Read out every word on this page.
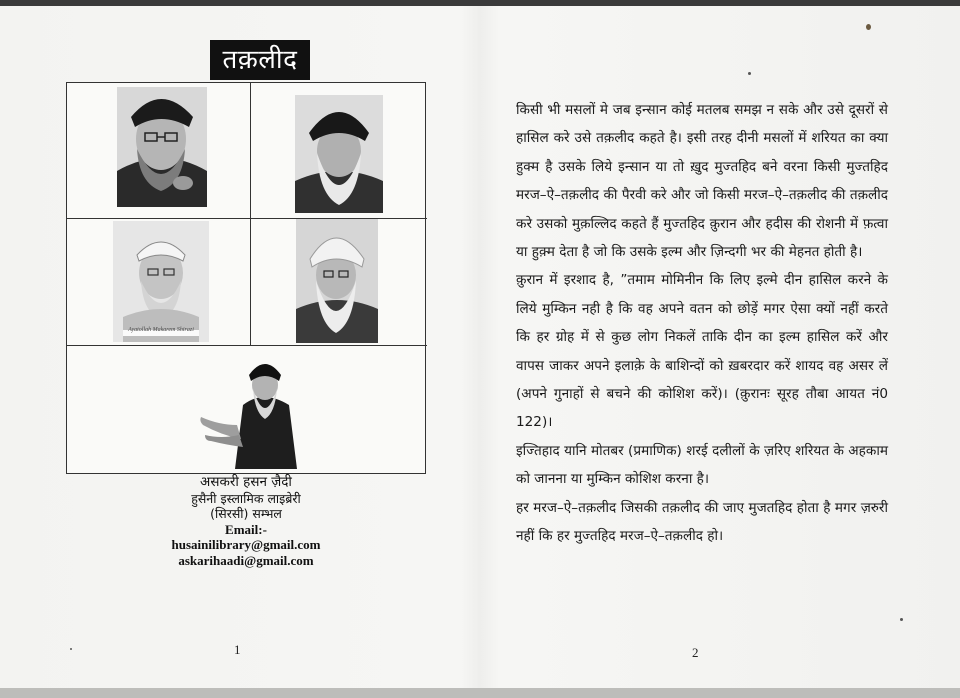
तक़लीद
Ayatollah Makarem Shirazi
असकरी हसन ज़ैदी
हुसैनी इस्लामिक लाइब्रेरी
(सिरसी) सम्भल
Email:-
husainilibrary@gmail.com
askarihaadi@gmail.com
1

किसी भी मसलों मे जब इन्सान कोई मतलब समझ न सके और उसे दूसरों से हासिल करे उसे तक़लीद कहते है। इसी तरह दीनी मसलों में शरियत का क्या हुक्म है उसके लिये इन्सान या तो ख़ुद मुज्तहिद बने वरना किसी मुज्तहिद मरज–ऐ–तक़लीद की पैरवी करे और जो किसी मरज–ऐ–तक़लीद की तक़लीद करे उसको मुक़ल्लिद कहते हैं मुज्तहिद क़ुरान और हदीस की रोशनी में फ़त्वा या हुक़्म देता है जो कि उसके इल्म और ज़िन्दगी भर की मेहनत होती है।

क़ुरान में इरशाद है, ”तमाम मोमिनीन कि लिए इल्मे दीन हासिल करने के लिये मुम्किन नही है कि वह अपने वतन को छोड़ें मगर ऐसा क्यों नहीं करते कि हर ग्रोह में से कुछ लोग निकलें ताकि दीन का इल्म हासिल करें और वापस जाकर अपने इलाक़े के बाशिन्दों को ख़बरदार करें शायद वह असर लें (अपने गुनाहों से बचने की कोशिश करें)। (क़ुरानः सूरह तौबा आयत नं0 122)।

इज्तिहाद यानि मोतबर (प्रमाणिक) शरई दलीलों के ज़रिए शरियत के अहकाम को जानना या मुम्किन कोशिश करना है।

हर मरज–ऐ–तक़लीद जिसकी तक़लीद की जाए मुजतहिद होता है मगर ज़रुरी नहीं कि हर मुज्तहिद मरज–ऐ–तक़लीद हो।

2
